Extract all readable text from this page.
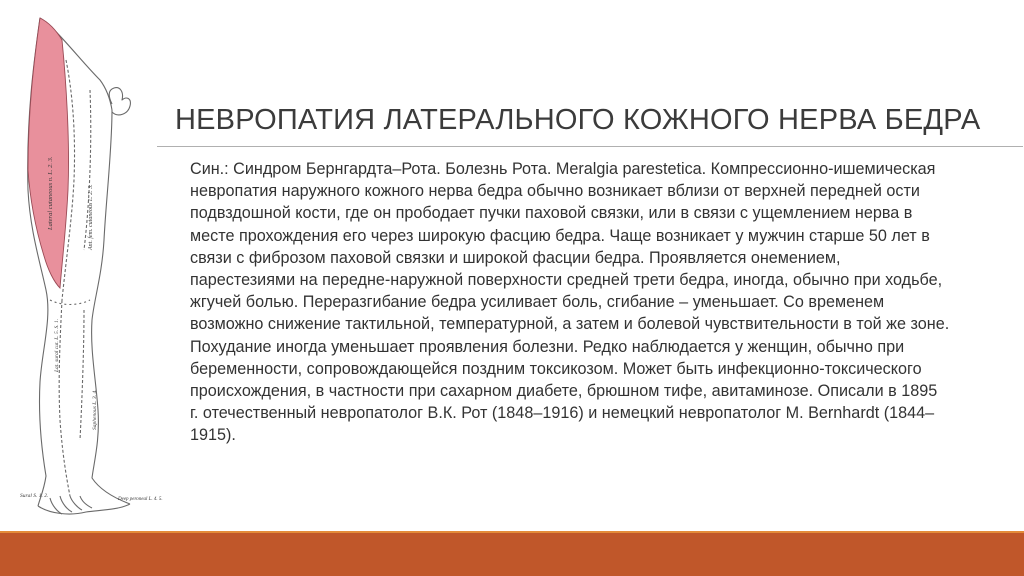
Lateral cutaneous n. L. 2. 3.	Ant. fem. cutaneous L. 2. 3.
Lat. sural cut. L. 5. S. 1.
Saphenous L. 3. 4.
Sural S. 1. 2.
Deep peroneal L. 4. 5.
НЕВРОПАТИЯ ЛАТЕРАЛЬНОГО КОЖНОГО НЕРВА БЕДРА

Син.: Синдром Бернгардта–Рота. Болезнь Рота. Meralgia parestetica. Компрессионно-ишемическая невропатия наружного кожного нерва бедра обычно возникает вблизи от верхней передней ости подвздошной кости, где он прободает пучки паховой связки, или в связи с ущемлением нерва в месте прохождения его через широкую фасцию бедра. Чаще возникает у мужчин старше 50 лет в связи с фиброзом паховой связки и широкой фасции бедра. Проявляется онемением, парестезиями на передне-наружной поверхности средней трети бедра, иногда, обычно при ходьбе, жгучей болью. Переразгибание бедра усиливает боль, сгибание – уменьшает. Со временем возможно снижение тактильной, температурной, а затем и болевой чувствительности в той же зоне. Похудание иногда уменьшает проявления болезни. Редко наблюдается у женщин, обычно при беременности, сопровождающейся поздним токсикозом. Может быть инфекционно-токсического происхождения, в частности при сахарном диабете, брюшном тифе, авитаминозе. Описали в 1895 г. отечественный невропатолог В.К. Рот (1848–1916) и немецкий невропатолог M. Bernhardt (1844–1915).
